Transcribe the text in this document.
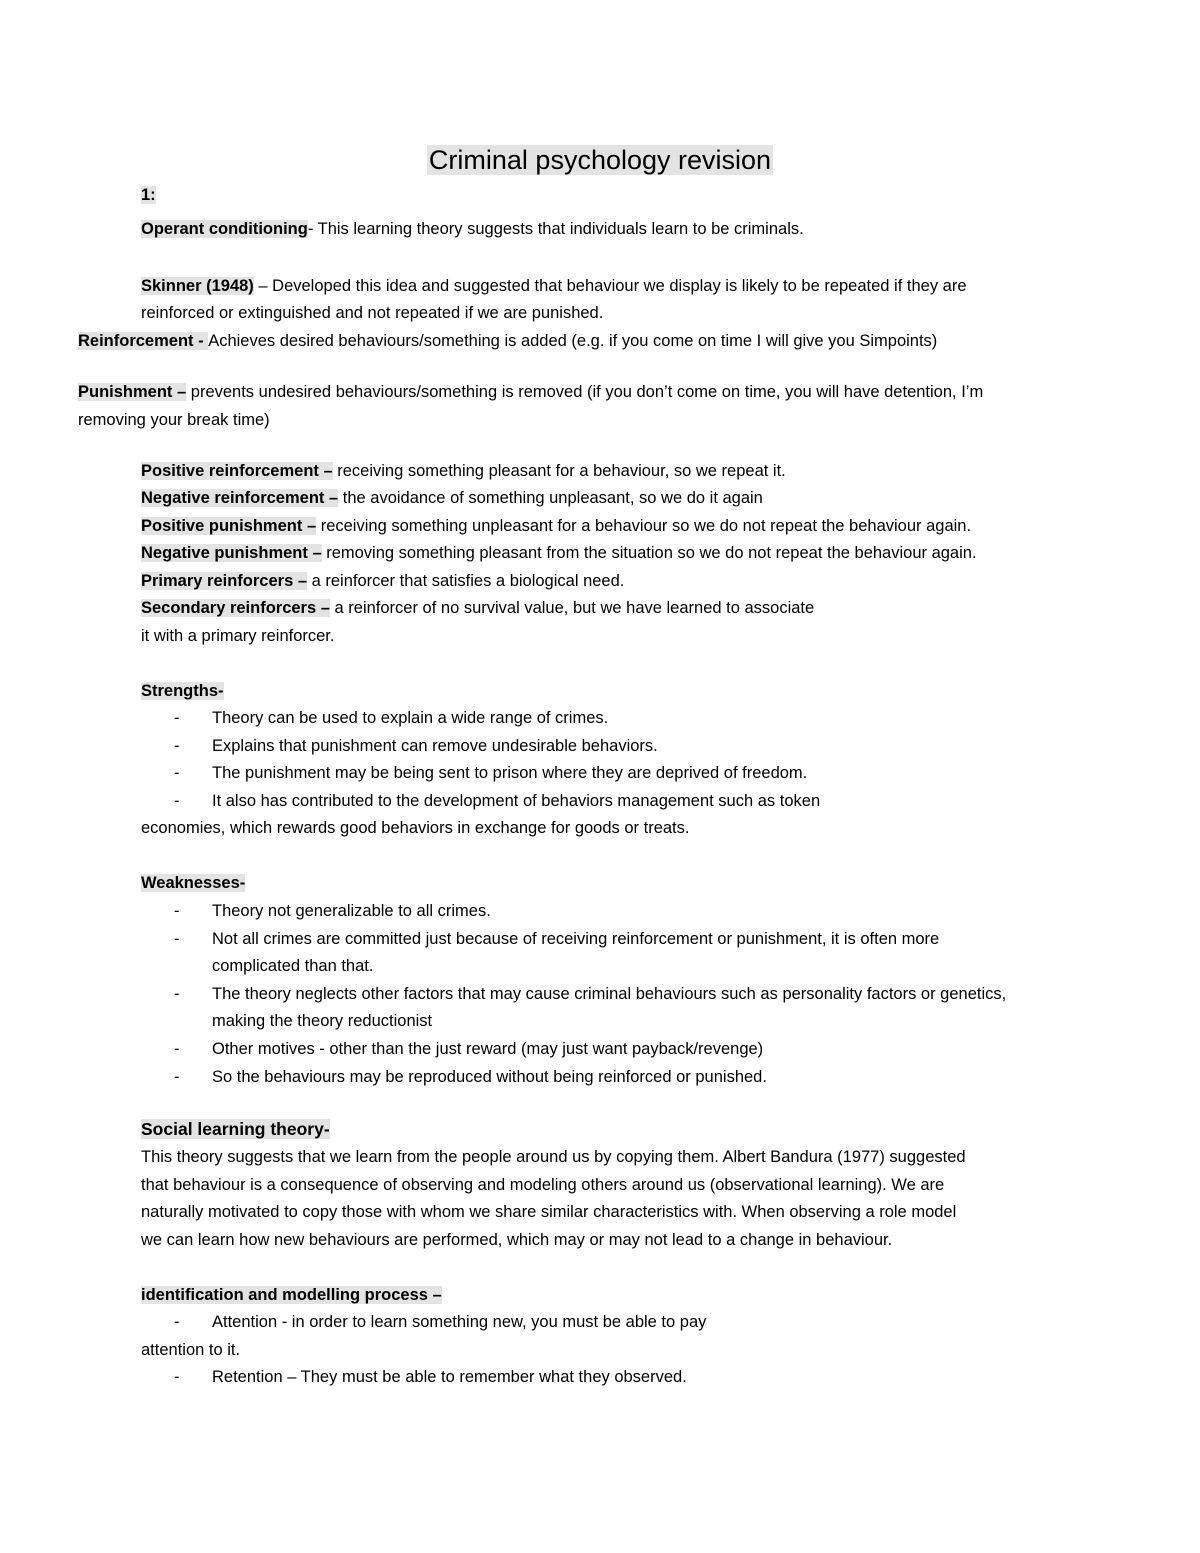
Criminal psychology revision
1:
Operant conditioning- This learning theory suggests that individuals learn to be criminals.
Skinner (1948) – Developed this idea and suggested that behaviour we display is likely to be repeated if they are
reinforced or extinguished and not repeated if we are punished.
Reinforcement - Achieves desired behaviours/something is added (e.g. if you come on time I will give you Simpoints)
Punishment – prevents undesired behaviours/something is removed (if you don’t come on time, you will have detention, I’m
removing your break time)
Positive reinforcement – receiving something pleasant for a behaviour, so we repeat it.
Negative reinforcement – the avoidance of something unpleasant, so we do it again
Positive punishment – receiving something unpleasant for a behaviour so we do not repeat the behaviour again.
Negative punishment – removing something pleasant from the situation so we do not repeat the behaviour again.
Primary reinforcers – a reinforcer that satisfies a biological need.
Secondary reinforcers – a reinforcer of no survival value, but we have learned to associate
it with a primary reinforcer.
Strengths-
- Theory can be used to explain a wide range of crimes.
- Explains that punishment can remove undesirable behaviors.
- The punishment may be being sent to prison where they are deprived of freedom.
- It also has contributed to the development of behaviors management such as token
economies, which rewards good behaviors in exchange for goods or treats.
Weaknesses-
- Theory not generalizable to all crimes.
- Not all crimes are committed just because of receiving reinforcement or punishment, it is often more
complicated than that.
- The theory neglects other factors that may cause criminal behaviours such as personality factors or genetics,
making the theory reductionist
- Other motives - other than the just reward (may just want payback/revenge)
- So the behaviours may be reproduced without being reinforced or punished.
Social learning theory-
This theory suggests that we learn from the people around us by copying them. Albert Bandura (1977) suggested
that behaviour is a consequence of observing and modeling others around us (observational learning). We are
naturally motivated to copy those with whom we share similar characteristics with. When observing a role model
we can learn how new behaviours are performed, which may or may not lead to a change in behaviour.
identification and modelling process –
- Attention - in order to learn something new, you must be able to pay
attention to it.
- Retention – They must be able to remember what they observed.
